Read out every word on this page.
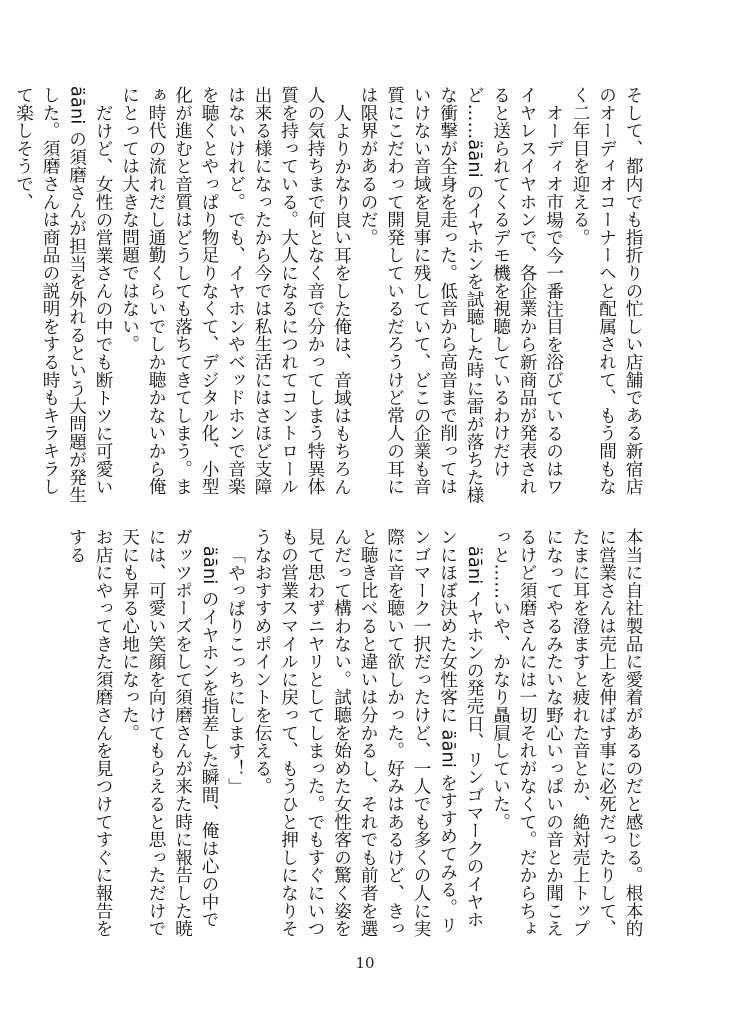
そして、都内でも指折りの忙しい店舗である新宿店のオーディオコーナーへと配属されて、もう間もなく二年目を迎える。

オーディオ市場で今一番注目を浴びているのはワイヤレスイヤホンで、各企業から新商品が発表されると送られてくるデモ機を視聴しているわけだけど……äāni のイヤホンを試聴した時に雷が落ちた様な衝撃が全身を走った。低音から高音まで削ってはいけない音域を見事に残していて、どこの企業も音質にこだわって開発しているだろうけど常人の耳には限界があるのだ。

人よりかなり良い耳をした俺は、音域はもちろん人の気持ちまで何となく音で分かってしまう特異体質を持っている。大人になるにつれてコントロール出来る様になったから今では私生活にはさほど支障はないけれど。でも、イヤホンやベッドホンで音楽を聴くとやっぱり物足りなくて、デジタル化、小型化が進むと音質はどうしても落ちてきてしまう。まぁ時代の流れだし通勤くらいでしか聴かないから俺にとっては大きな問題ではない。

だけど、女性の営業さんの中でも断トツに可愛い äāni の須磨さんが担当を外れるという大問題が発生した。須磨さんは商品の説明をする時もキラキラして楽しそうで、

本当に自社製品に愛着があるのだと感じる。根本的に営業さんは売上を伸ばす事に必死だったりして、たまに耳を澄ますと疲れた音とか、絶対売上トップになってやるみたいな野心いっぱいの音とか聞こえるけど須磨さんには一切それがなくて。だからちょっと……いや、かなり贔屓していた。

äāni イヤホンの発売日、リンゴマークのイヤホンにほぼ決めた女性客に äāni をすすめてみる。リンゴマーク一択だったけど、一人でも多くの人に実際に音を聴いて欲しかった。好みはあるけど、きっと聴き比べると違いは分かるし、それでも前者を選んだって構わない。試聴を始めた女性客の驚く姿を見て思わずニヤリとしてしまった。でもすぐにいつもの営業スマイルに戻って、もうひと押しになりそうなおすすめポイントを伝える。

「やっぱりこっちにします！」

äāni のイヤホンを指差した瞬間、俺は心の中でガッツポーズをして須磨さんが来た時に報告した暁には、可愛い笑顔を向けてもらえると思っただけで天にも昇る心地になった。

お店にやってきた須磨さんを見つけてすぐに報告をする

10
